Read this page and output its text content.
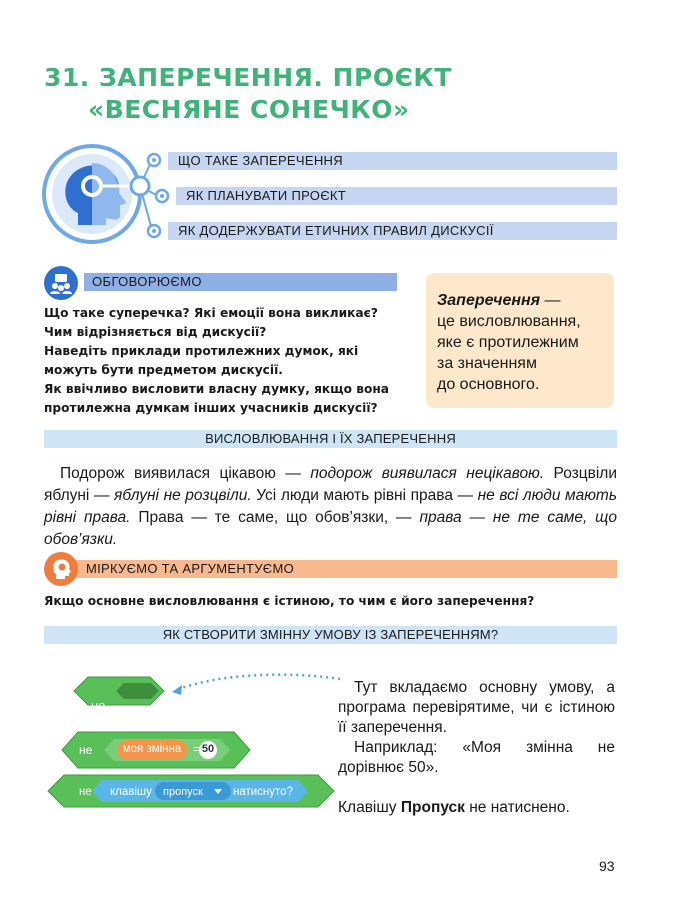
31. ЗАПЕРЕЧЕННЯ. ПРОЄКТ
«ВЕСНЯНЕ СОНЕЧКО»
ЩО ТАКЕ ЗАПЕРЕЧЕННЯ
ЯК ПЛАНУВАТИ ПРОЄКТ
ЯК ДОДЕРЖУВАТИ ЕТИЧНИХ ПРАВИЛ ДИСКУСІЇ
ОБГОВОРЮЄМО
Що таке суперечка? Які емоції вона викликає?
Чим відрізняється від дискусії?
Наведіть приклади протилежних думок, які
можуть бути предметом дискусії.
Як ввічливо висловити власну думку, якщо вона
протилежна думкам інших учасників дискусії?
Заперечення —
це висловлювання,
яке є протилежним
за значенням
до основного.
ВИСЛОВЛЮВАННЯ І ЇХ ЗАПЕРЕЧЕННЯ

Подорож виявилася цікавою — подорож виявилася нецікавою. Розцвіли яблуні — яблуні не розцвіли. Усі люди мають рівні права — не всі люди мають рівні права. Права — те саме, що обов’язки, — права — не те саме, що обов’язки.

МІРКУЄМО ТА АРГУМЕНТУЄМО
Якщо основне висловлювання є істиною, то чим є його заперечення?
ЯК СТВОРИТИ ЗМІННУ УМОВУ ІЗ ЗАПЕРЕЧЕННЯМ?
не
не	моя змінна = 50
не клавішу пропуск	натиснуто?

Тут вкладаємо основну умову, а програма перевірятиме, чи є істиною її заперечення.

Наприклад: «Моя змінна не дорівнює 50».

Клавішу Пропуск не натиснено.

93
